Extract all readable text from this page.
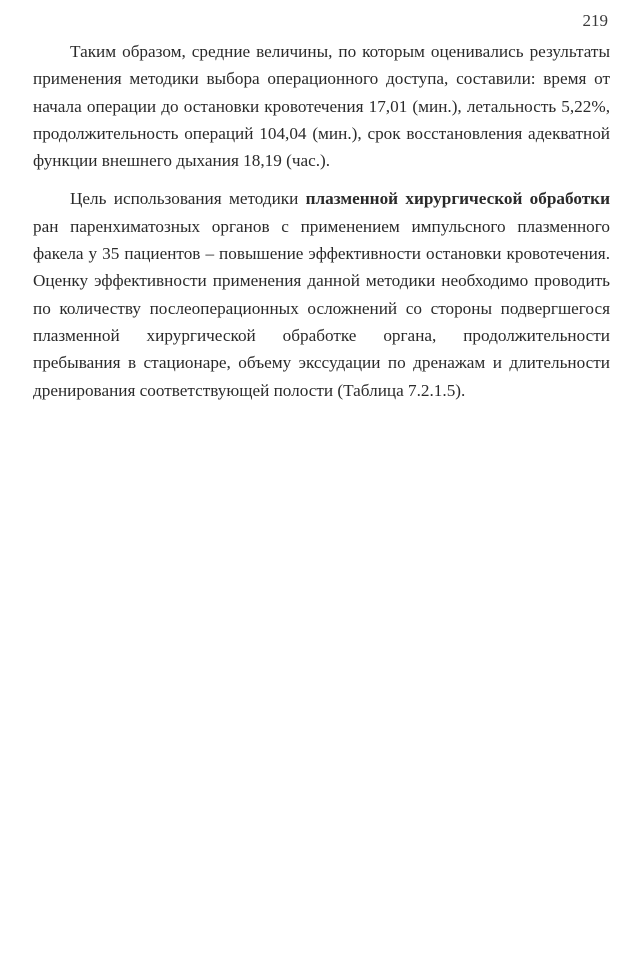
219

Таким образом, средние величины, по которым оценивались результаты применения методики выбора операционного доступа, составили: время от начала операции до остановки кровотечения 17,01 (мин.), летальность 5,22%, продолжительность операций 104,04 (мин.), срок восстановления адекватной функции внешнего дыхания 18,19 (час.).

Цель использования методики плазменной хирургической обработки ран паренхиматозных органов с применением импульсного плазменного факела у 35 пациентов – повышение эффективности остановки кровотечения. Оценку эффективности применения данной методики необходимо проводить по количеству послеоперационных осложнений со стороны подвергшегося плазменной хирургической обработке органа, продолжительности пребывания в стационаре, объему экссудации по дренажам и длительности дренирования соответствующей полости (Таблица 7.2.1.5).
